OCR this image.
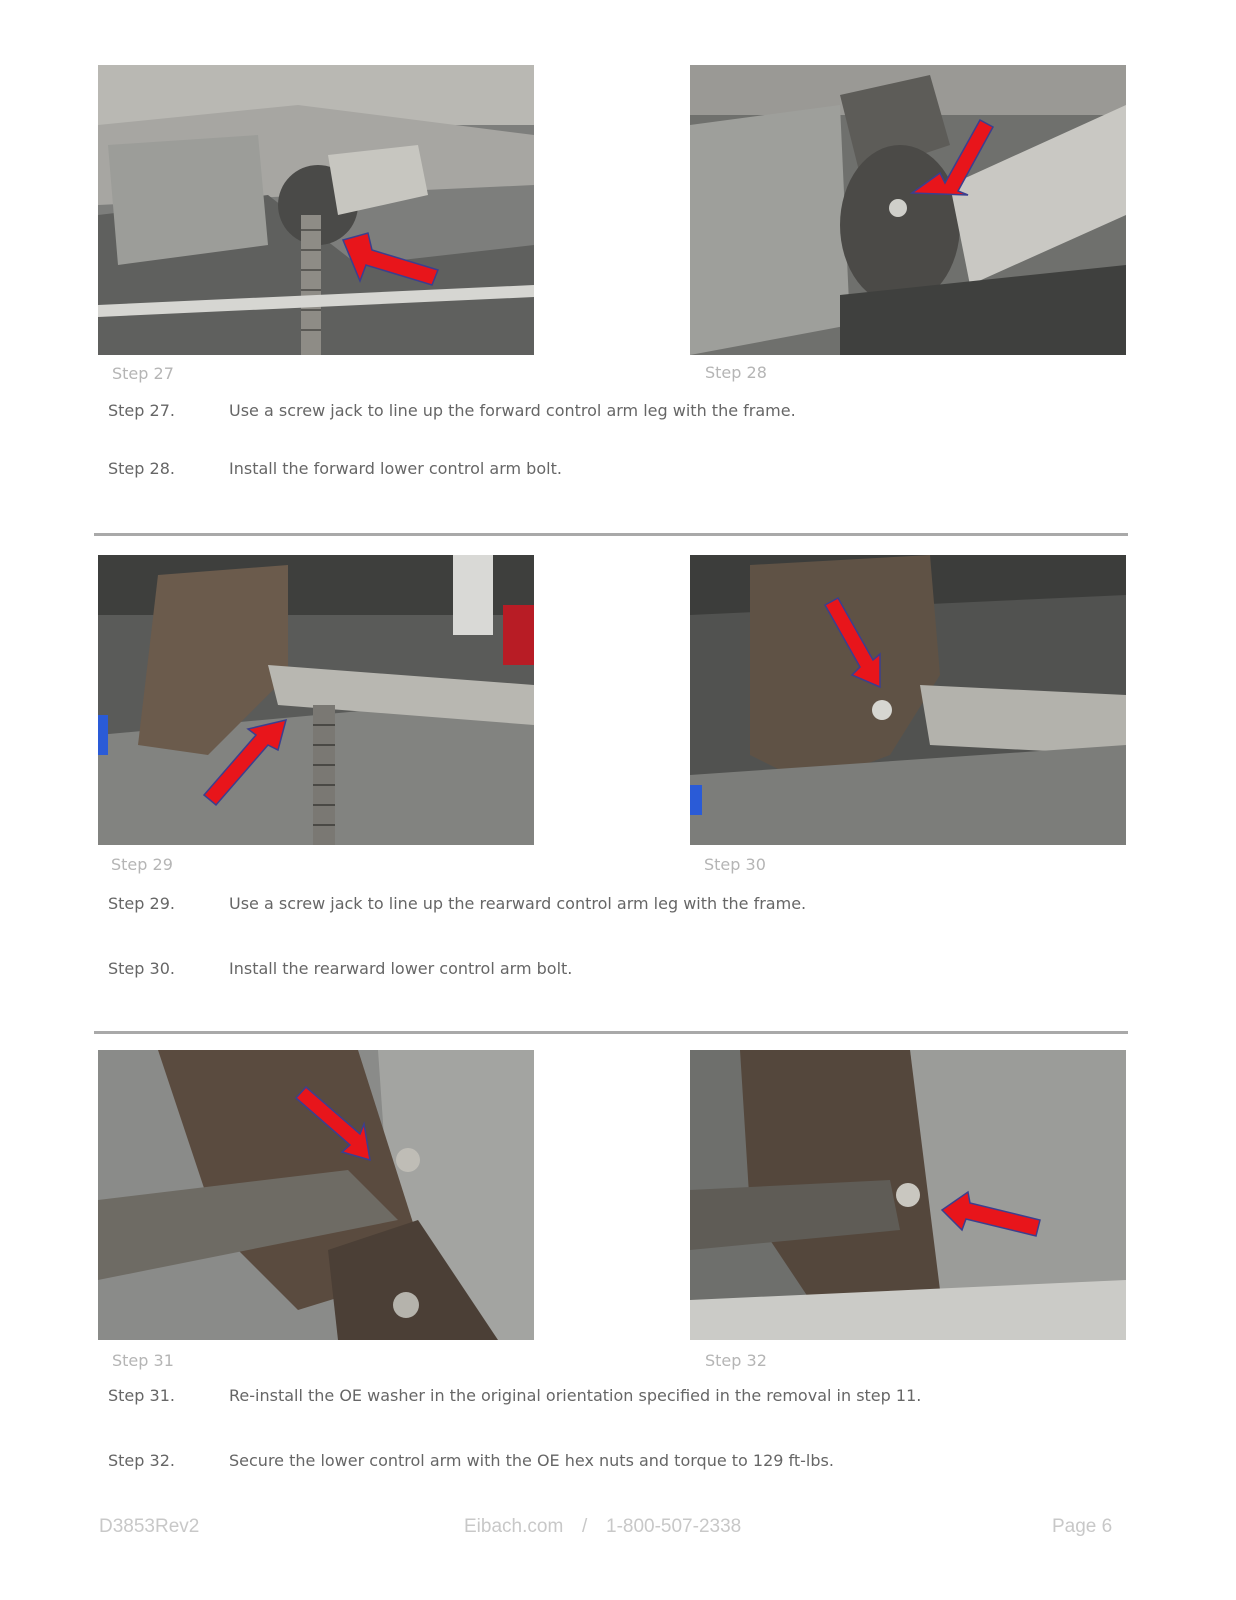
Step 27	Step 28
Step 27.	Use a screw jack to line up the forward control arm leg with the frame.
Step 28.	Install the forward lower control arm bolt.
Step 29	Step 30
Step 29.	Use a screw jack to line up the rearward control arm leg with the frame.
Step 30.	Install the rearward lower control arm bolt.
Step 31	Step 32
Step 31.	Re-install the OE washer in the original orientation specified in the removal in step 11.
Step 32.	Secure the lower control arm with the OE hex nuts and torque to 129 ft-lbs.
D3853Rev2	Eibach.com / 1-800-507-2338	Page 6
